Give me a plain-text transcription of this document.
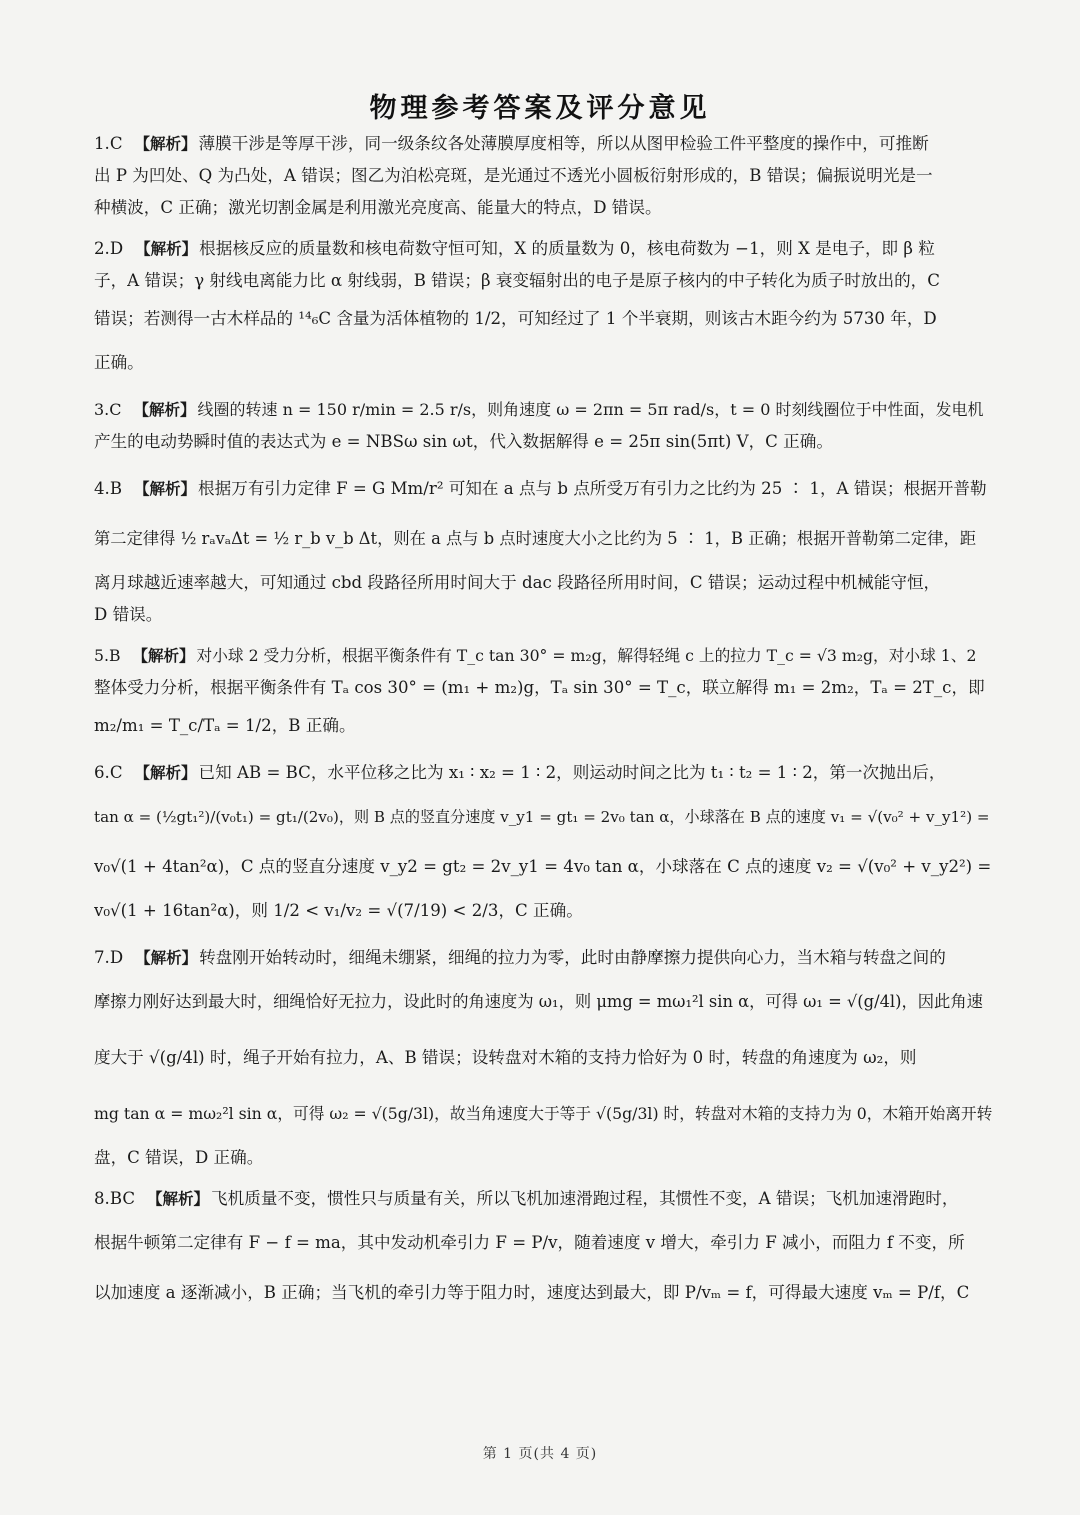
物理参考答案及评分意见
1.C 【解析】 薄膜干涉是等厚干涉，同一级条纹各处薄膜厚度相等，所以从图甲检验工件平整度的操作中，可推断
出 P 为凹处、Q 为凸处，A 错误；图乙为泊松亮斑，是光通过不透光小圆板衍射形成的，B 错误；偏振说明光是一
种横波，C 正确；激光切割金属是利用激光亮度高、能量大的特点，D 错误。
2.D 【解析】 根据核反应的质量数和核电荷数守恒可知，X 的质量数为 0，核电荷数为 −1，则 X 是电子，即 β 粒
子，A 错误；γ 射线电离能力比 α 射线弱，B 错误；β 衰变辐射出的电子是原子核内的中子转化为质子时放出的，C
错误；若测得一古木样品的 ¹⁴₆C 含量为活体植物的 1/2，可知经过了 1 个半衰期，则该古木距今约为 5730 年，D
正确。
3.C 【解析】 线圈的转速 n = 150 r/min = 2.5 r/s，则角速度 ω = 2πn = 5π rad/s，t = 0 时刻线圈位于中性面，发电机
产生的电动势瞬时值的表达式为 e = NBSω sin ωt，代入数据解得 e = 25π sin(5πt) V，C 正确。
4.B 【解析】 根据万有引力定律 F = G Mm/r² 可知在 a 点与 b 点所受万有引力之比约为 25 ∶ 1，A 错误；根据开普勒
第二定律得 ½ rₐvₐΔt = ½ r_b v_b Δt，则在 a 点与 b 点时速度大小之比约为 5 ∶ 1，B 正确；根据开普勒第二定律，距
离月球越近速率越大，可知通过 cbd 段路径所用时间大于 dac 段路径所用时间，C 错误；运动过程中机械能守恒，
D 错误。
5.B 【解析】 对小球 2 受力分析，根据平衡条件有 T_c tan 30° = m₂g，解得轻绳 c 上的拉力 T_c = √3 m₂g，对小球 1、2
整体受力分析，根据平衡条件有 Tₐ cos 30° = (m₁ + m₂)g，Tₐ sin 30° = T_c，联立解得 m₁ = 2m₂，Tₐ = 2T_c，即
m₂/m₁ = T_c/Tₐ = 1/2，B 正确。
6.C 【解析】 已知 AB = BC，水平位移之比为 x₁ ∶ x₂ = 1 ∶ 2，则运动时间之比为 t₁ ∶ t₂ = 1 ∶ 2，第一次抛出后，
tan α = (½gt₁²)/(v₀t₁) = gt₁/(2v₀)，则 B 点的竖直分速度 v_y1 = gt₁ = 2v₀ tan α，小球落在 B 点的速度 v₁ = √(v₀² + v_y1²) =
v₀√(1 + 4tan²α)，C 点的竖直分速度 v_y2 = gt₂ = 2v_y1 = 4v₀ tan α，小球落在 C 点的速度 v₂ = √(v₀² + v_y2²) =
v₀√(1 + 16tan²α)，则 1/2 < v₁/v₂ = √(7/19) < 2/3，C 正确。
7.D 【解析】 转盘刚开始转动时，细绳未绷紧，细绳的拉力为零，此时由静摩擦力提供向心力，当木箱与转盘之间的
摩擦力刚好达到最大时，细绳恰好无拉力，设此时的角速度为 ω₁，则 μmg = mω₁²l sin α，可得 ω₁ = √(g/4l)，因此角速
度大于 √(g/4l) 时，绳子开始有拉力，A、B 错误；设转盘对木箱的支持力恰好为 0 时，转盘的角速度为 ω₂，则
mg tan α = mω₂²l sin α，可得 ω₂ = √(5g/3l)，故当角速度大于等于 √(5g/3l) 时，转盘对木箱的支持力为 0，木箱开始离开转
盘，C 错误，D 正确。
8.BC 【解析】 飞机质量不变，惯性只与质量有关，所以飞机加速滑跑过程，其惯性不变，A 错误；飞机加速滑跑时，
根据牛顿第二定律有 F − f = ma，其中发动机牵引力 F = P/v，随着速度 v 增大，牵引力 F 减小，而阻力 f 不变，所
以加速度 a 逐渐减小，B 正确；当飞机的牵引力等于阻力时，速度达到最大，即 P/vₘ = f，可得最大速度 vₘ = P/f，C
第 1 页(共 4 页)
